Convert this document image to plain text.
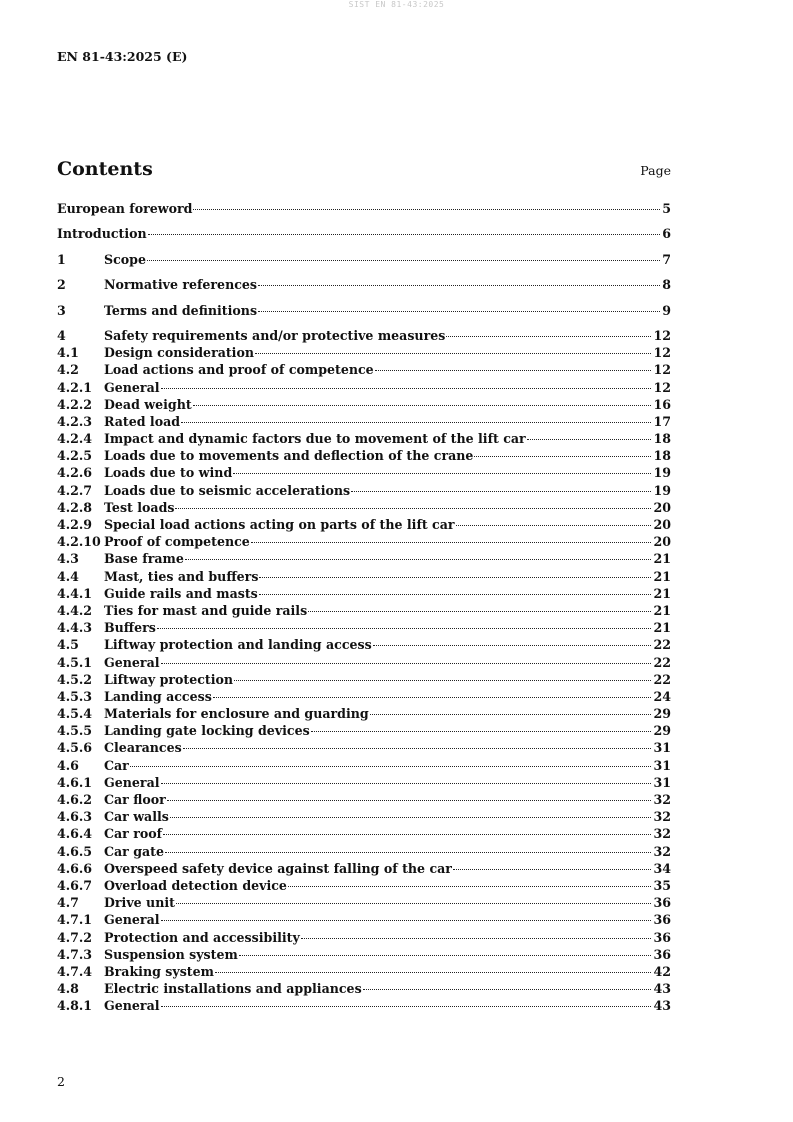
SIST EN 81-43:2025
EN 81-43:2025 (E)
Contents	Page
European foreword	5
Introduction	6
1	Scope	7
2	Normative references	8
3	Terms and definitions	9
4	Safety requirements and/or protective measures	12
4.1	Design consideration	12
4.2	Load actions and proof of competence	12
4.2.1 General	12
4.2.2 Dead weight	16
4.2.3 Rated load	17
4.2.4 Impact and dynamic factors due to movement of the lift car	18
4.2.5 Loads due to movements and deflection of the crane	18
4.2.6 Loads due to wind	19
4.2.7 Loads due to seismic accelerations	19
4.2.8 Test loads	20
4.2.9 Special load actions acting on parts of the lift car	20
4.2.10 Proof of competence	20
4.3	Base frame	21
4.4	Mast, ties and buffers	21
4.4.1 Guide rails and masts	21
4.4.2 Ties for mast and guide rails	21
4.4.3 Buffers	21
4.5	Liftway protection and landing access	22
4.5.1 General	22
4.5.2 Liftway protection	22
4.5.3 Landing access	24
4.5.4 Materials for enclosure and guarding	29
4.5.5 Landing gate locking devices	29
4.5.6 Clearances	31
4.6	Car	31
4.6.1 General	31
4.6.2 Car floor	32
4.6.3 Car walls	32
4.6.4 Car roof	32
4.6.5 Car gate	32
4.6.6 Overspeed safety device against falling of the car	34
4.6.7 Overload detection device	35
4.7	Drive unit	36
4.7.1 General	36
4.7.2 Protection and accessibility	36
4.7.3 Suspension system	36
4.7.4 Braking system	42
4.8	Electric installations and appliances	43
4.8.1 General	43
2
